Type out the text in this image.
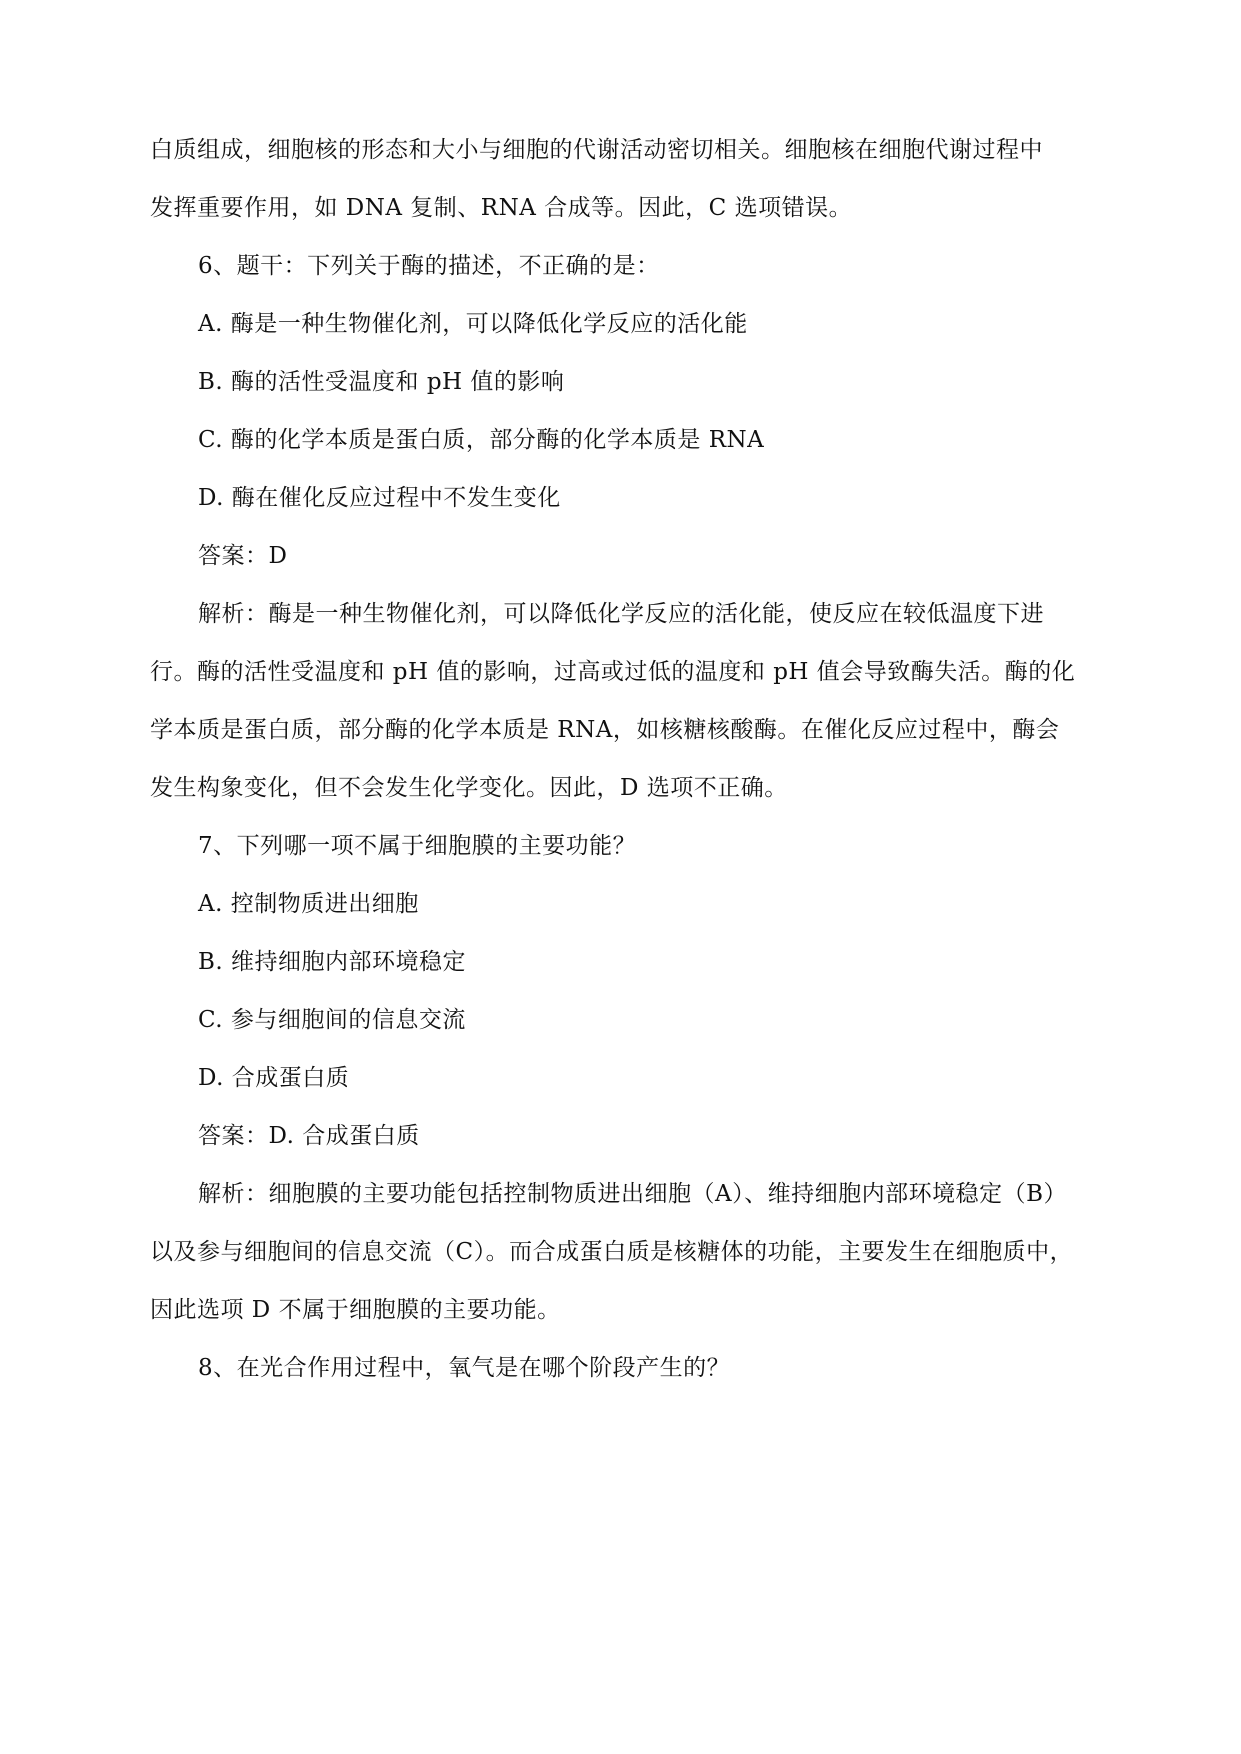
白质组成，细胞核的形态和大小与细胞的代谢活动密切相关。细胞核在细胞代谢过程中
发挥重要作用，如 DNA 复制、RNA 合成等。因此，C 选项错误。
6、题干：下列关于酶的描述，不正确的是：
A. 酶是一种生物催化剂，可以降低化学反应的活化能
B. 酶的活性受温度和 pH 值的影响
C. 酶的化学本质是蛋白质，部分酶的化学本质是 RNA
D. 酶在催化反应过程中不发生变化
答案：D
解析：酶是一种生物催化剂，可以降低化学反应的活化能，使反应在较低温度下进
行。酶的活性受温度和 pH 值的影响，过高或过低的温度和 pH 值会导致酶失活。酶的化
学本质是蛋白质，部分酶的化学本质是 RNA，如核糖核酸酶。在催化反应过程中，酶会
发生构象变化，但不会发生化学变化。因此，D 选项不正确。
7、下列哪一项不属于细胞膜的主要功能？
A. 控制物质进出细胞
B. 维持细胞内部环境稳定
C. 参与细胞间的信息交流
D. 合成蛋白质
答案：D. 合成蛋白质
解析：细胞膜的主要功能包括控制物质进出细胞（A）、维持细胞内部环境稳定（B）
以及参与细胞间的信息交流（C）。而合成蛋白质是核糖体的功能，主要发生在细胞质中，
因此选项 D 不属于细胞膜的主要功能。
8、在光合作用过程中，氧气是在哪个阶段产生的？
